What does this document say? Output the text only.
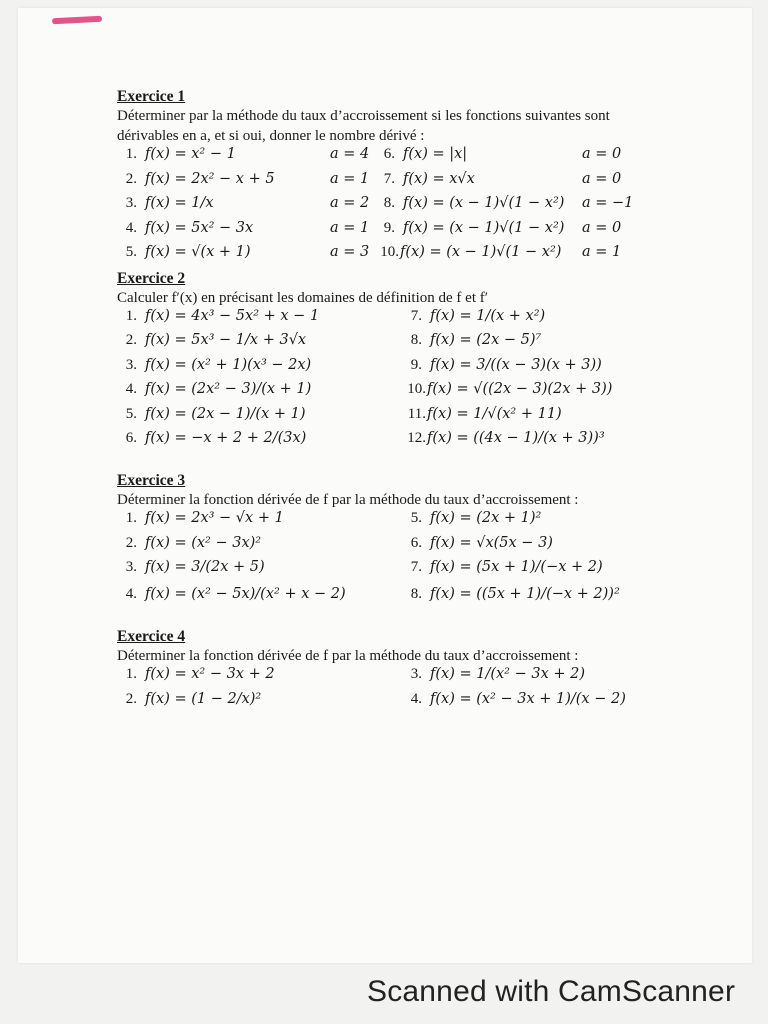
Exercice 1

Déterminer par la méthode du taux d’accroissement si les fonctions suivantes sont dérivables en a, et si oui, donner le nombre dérivé :

1. f(x) = x² − 1	a = 4 6. f(x) = |x|	a = 0
2. f(x) = 2x² − x + 5	a = 1 7. f(x) = x√x	a = 0
3. f(x) = 1/x	a = 2 8. f(x) = (x − 1)√(1 − x²) a = −1
4. f(x) = 5x² − 3x	a = 1 9. f(x) = (x − 1)√(1 − x²) a = 0
5. f(x) = √(x + 1)	a = 3 10.f(x) = (x − 1)√(1 − x²) a = 1

Exercice 2

Calculer f′(x) en précisant les domaines de définition de f et f′

1. f(x) = 4x³ − 5x² + x − 1	7. f(x) = 1/(x + x²)
2. f(x) = 5x³ − 1/x + 3√x	8. f(x) = (2x − 5)⁷
3. f(x) = (x² + 1)(x³ − 2x)	9. f(x) = 3/((x − 3)(x + 3))
4. f(x) = (2x² − 3)/(x + 1)	10.f(x) = √((2x − 3)(2x + 3))
5. f(x) = (2x − 1)/(x + 1)	11.f(x) = 1/√(x² + 11)
6. f(x) = −x + 2 + 2/(3x)	12.f(x) = ((4x − 1)/(x + 3))³

Exercice 3

Déterminer la fonction dérivée de f par la méthode du taux d’accroissement :

1. f(x) = 2x³ − √x + 1	5. f(x) = (2x + 1)²
2. f(x) = (x² − 3x)²	6. f(x) = √x(5x − 3)
3. f(x) = 3/(2x + 5)	7. f(x) = (5x + 1)/(−x + 2)
4. f(x) = (x² − 5x)/(x² + x − 2)	8. f(x) = ((5x + 1)/(−x + 2))²

Exercice 4

Déterminer la fonction dérivée de f par la méthode du taux d’accroissement :

1. f(x) = x² − 3x + 2	3. f(x) = 1/(x² − 3x + 2)
2. f(x) = (1 − 2/x)²	4. f(x) = (x² − 3x + 1)/(x − 2)
Scanned with CamScanner
